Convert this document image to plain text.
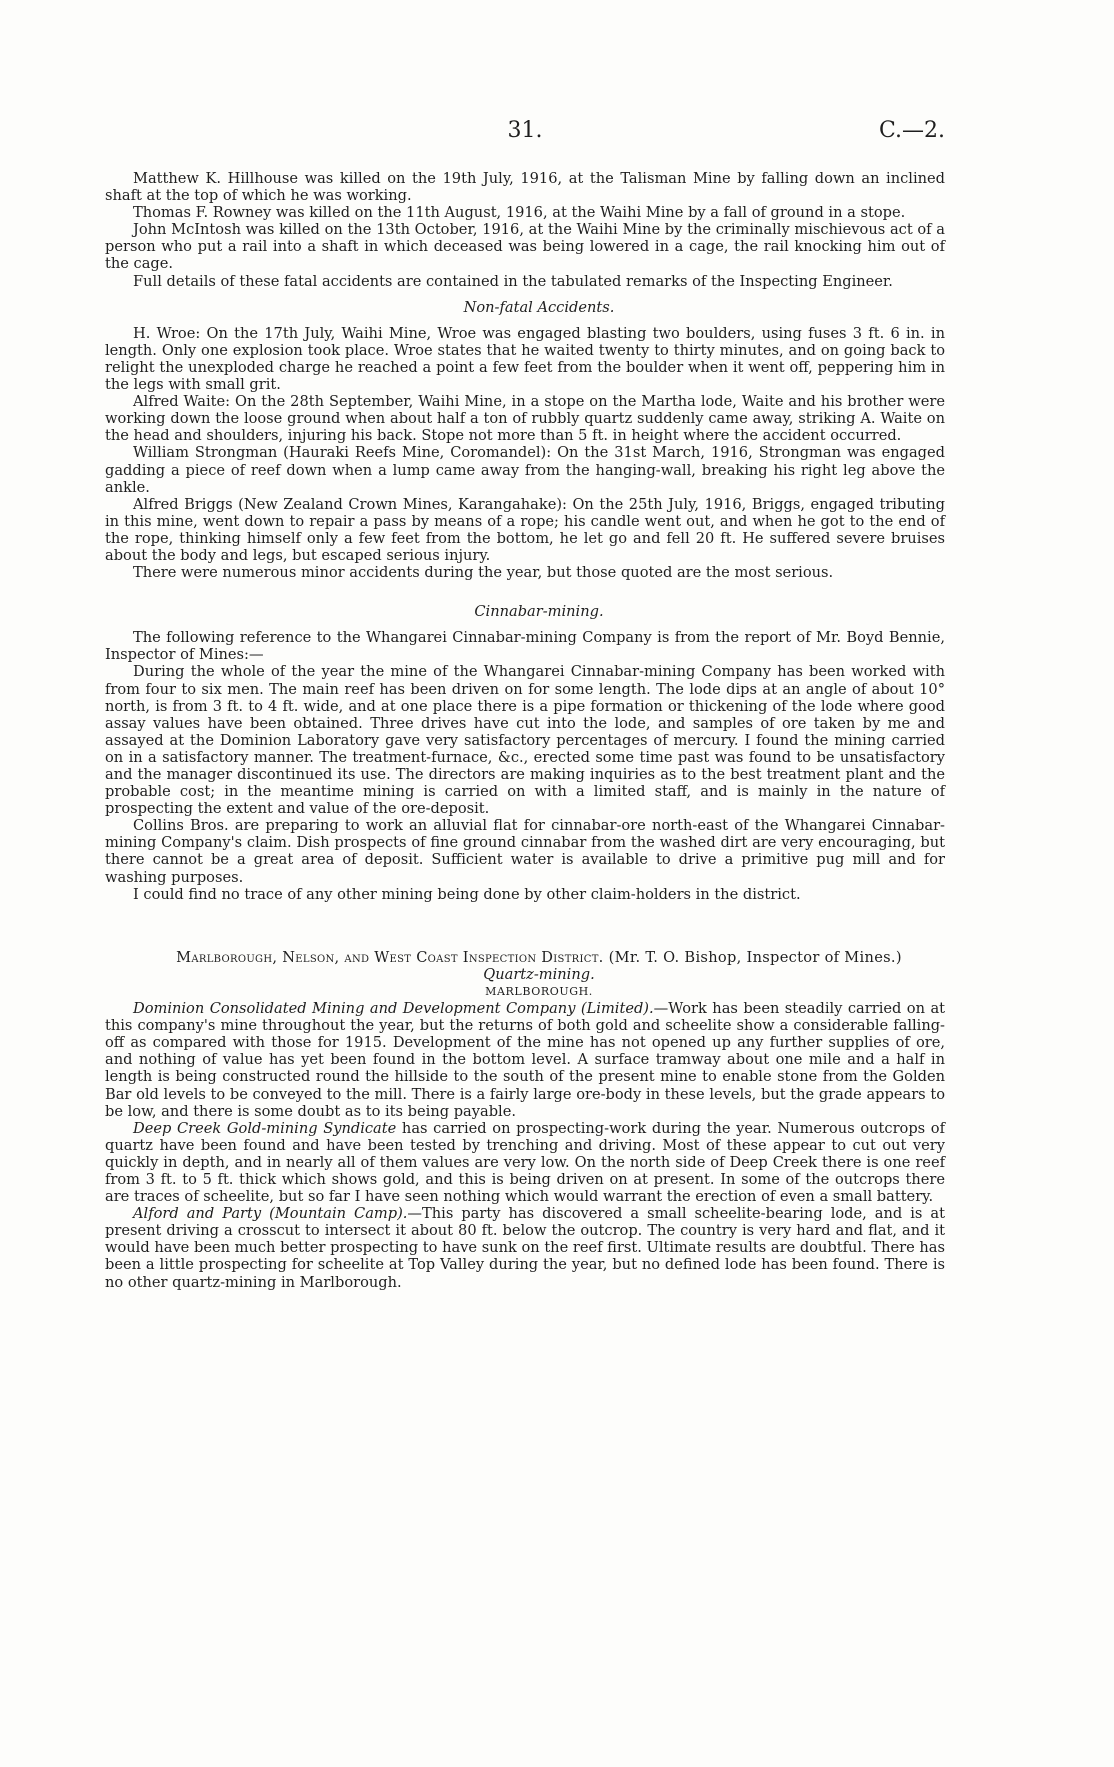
31.	C.—2.

Matthew K. Hillhouse was killed on the 19th July, 1916, at the Talisman Mine by falling down an inclined shaft at the top of which he was working.

Thomas F. Rowney was killed on the 11th August, 1916, at the Waihi Mine by a fall of ground in a stope.

John McIntosh was killed on the 13th October, 1916, at the Waihi Mine by the criminally mischievous act of a person who put a rail into a shaft in which deceased was being lowered in a cage, the rail knocking him out of the cage.

Full details of these fatal accidents are contained in the tabulated remarks of the Inspecting Engineer.

Non-fatal Accidents.

H. Wroe: On the 17th July, Waihi Mine, Wroe was engaged blasting two boulders, using fuses 3 ft. 6 in. in length. Only one explosion took place. Wroe states that he waited twenty to thirty minutes, and on going back to relight the unexploded charge he reached a point a few feet from the boulder when it went off, peppering him in the legs with small grit.

Alfred Waite: On the 28th September, Waihi Mine, in a stope on the Martha lode, Waite and his brother were working down the loose ground when about half a ton of rubbly quartz suddenly came away, striking A. Waite on the head and shoulders, injuring his back. Stope not more than 5 ft. in height where the accident occurred.

William Strongman (Hauraki Reefs Mine, Coromandel): On the 31st March, 1916, Strongman was engaged gadding a piece of reef down when a lump came away from the hanging-wall, breaking his right leg above the ankle.

Alfred Briggs (New Zealand Crown Mines, Karangahake): On the 25th July, 1916, Briggs, engaged tributing in this mine, went down to repair a pass by means of a rope; his candle went out, and when he got to the end of the rope, thinking himself only a few feet from the bottom, he let go and fell 20 ft. He suffered severe bruises about the body and legs, but escaped serious injury.

There were numerous minor accidents during the year, but those quoted are the most serious.

Cinnabar-mining.

The following reference to the Whangarei Cinnabar-mining Company is from the report of Mr. Boyd Bennie, Inspector of Mines:—

During the whole of the year the mine of the Whangarei Cinnabar-mining Company has been worked with from four to six men. The main reef has been driven on for some length. The lode dips at an angle of about 10° north, is from 3 ft. to 4 ft. wide, and at one place there is a pipe formation or thickening of the lode where good assay values have been obtained. Three drives have cut into the lode, and samples of ore taken by me and assayed at the Dominion Laboratory gave very satisfactory percentages of mercury. I found the mining carried on in a satisfactory manner. The treatment-furnace, &c., erected some time past was found to be unsatisfactory and the manager discontinued its use. The directors are making inquiries as to the best treatment plant and the probable cost; in the meantime mining is carried on with a limited staff, and is mainly in the nature of prospecting the extent and value of the ore-deposit.

Collins Bros. are preparing to work an alluvial flat for cinnabar-ore north-east of the Whangarei Cinnabar-mining Company's claim. Dish prospects of fine ground cinnabar from the washed dirt are very encouraging, but there cannot be a great area of deposit. Sufficient water is available to drive a primitive pug mill and for washing purposes.

I could find no trace of any other mining being done by other claim-holders in the district.

Marlborough, Nelson, and West Coast Inspection District. (Mr. T. O. Bishop, Inspector of Mines.)

Quartz-mining.

MARLBOROUGH.

Dominion Consolidated Mining and Development Company (Limited).—Work has been steadily carried on at this company's mine throughout the year, but the returns of both gold and scheelite show a considerable falling-off as compared with those for 1915. Development of the mine has not opened up any further supplies of ore, and nothing of value has yet been found in the bottom level. A surface tramway about one mile and a half in length is being constructed round the hillside to the south of the present mine to enable stone from the Golden Bar old levels to be conveyed to the mill. There is a fairly large ore-body in these levels, but the grade appears to be low, and there is some doubt as to its being payable.

Deep Creek Gold-mining Syndicate has carried on prospecting-work during the year. Numerous outcrops of quartz have been found and have been tested by trenching and driving. Most of these appear to cut out very quickly in depth, and in nearly all of them values are very low. On the north side of Deep Creek there is one reef from 3 ft. to 5 ft. thick which shows gold, and this is being driven on at present. In some of the outcrops there are traces of scheelite, but so far I have seen nothing which would warrant the erection of even a small battery.

Alford and Party (Mountain Camp).—This party has discovered a small scheelite-bearing lode, and is at present driving a crosscut to intersect it about 80 ft. below the outcrop. The country is very hard and flat, and it would have been much better prospecting to have sunk on the reef first. Ultimate results are doubtful. There has been a little prospecting for scheelite at Top Valley during the year, but no defined lode has been found. There is no other quartz-mining in Marlborough.
